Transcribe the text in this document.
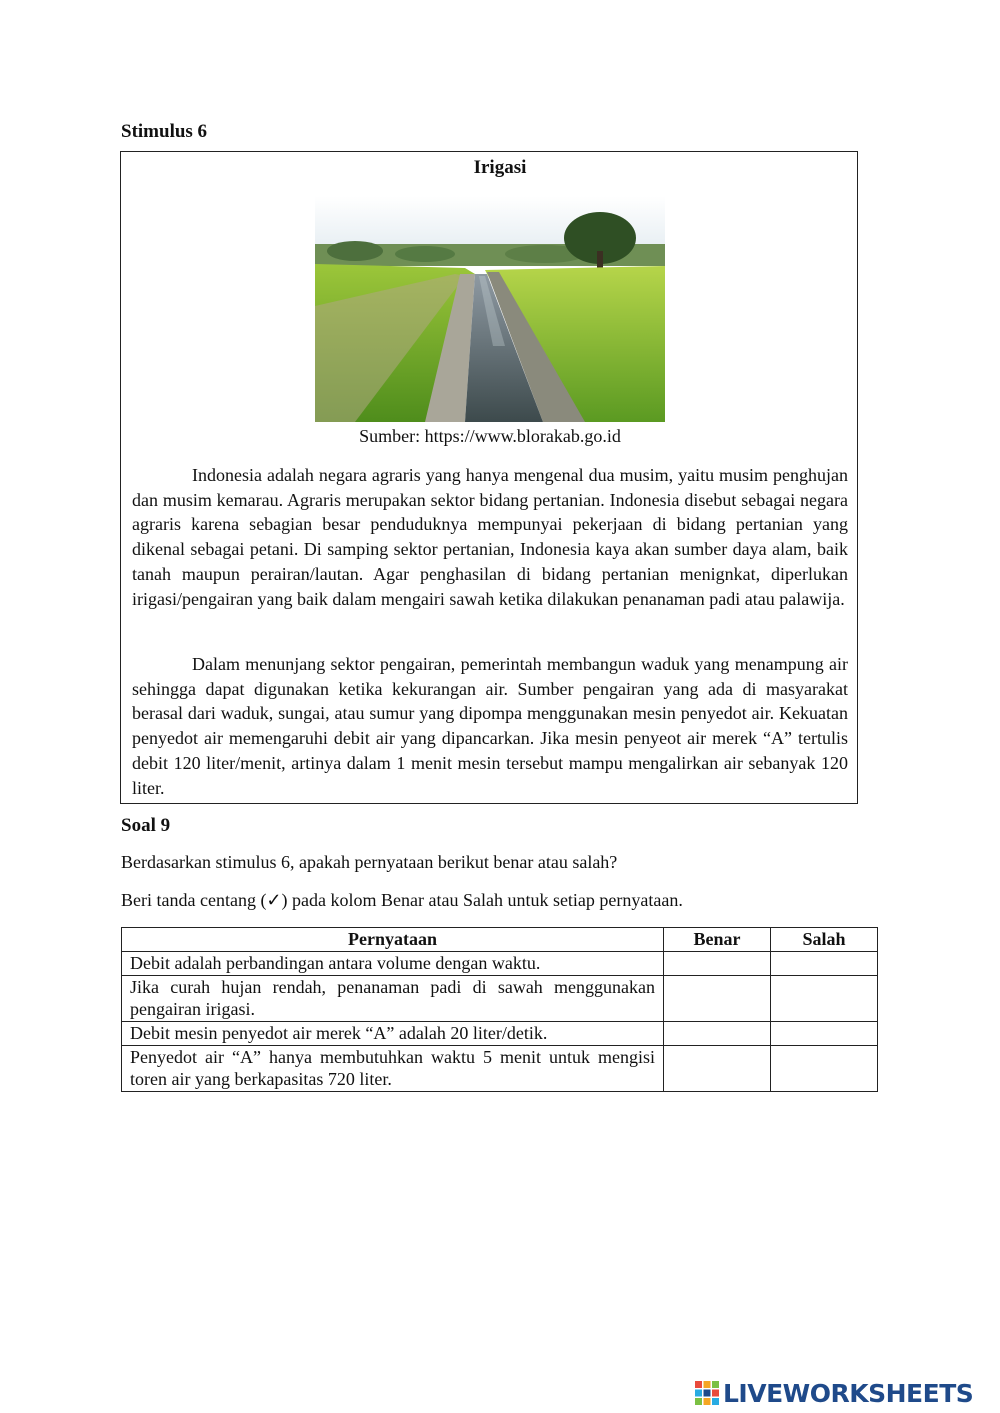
Stimulus 6
Irigasi
Sumber: https://www.blorakab.go.id
Indonesia adalah negara agraris yang hanya mengenal dua musim, yaitu musim penghujan dan musim kemarau. Agraris merupakan sektor bidang pertanian. Indonesia disebut sebagai negara agraris karena sebagian besar penduduknya mempunyai pekerjaan di bidang pertanian yang dikenal sebagai petani. Di samping sektor pertanian, Indonesia kaya akan sumber daya alam, baik tanah maupun perairan/lautan. Agar penghasilan di bidang pertanian menignkat, diperlukan irigasi/pengairan yang baik dalam mengairi sawah ketika dilakukan penanaman padi atau palawija.
Dalam menunjang sektor pengairan, pemerintah membangun waduk yang menampung air sehingga dapat digunakan ketika kekurangan air. Sumber pengairan yang ada di masyarakat berasal dari waduk, sungai, atau sumur yang dipompa menggunakan mesin penyedot air. Kekuatan penyedot air memengaruhi debit air yang dipancarkan. Jika mesin penyeot air merek “A” tertulis debit 120 liter/menit, artinya dalam 1 menit mesin tersebut mampu mengalirkan air sebanyak 120 liter.
Soal 9
Berdasarkan stimulus 6, apakah pernyataan berikut benar atau salah?
Beri tanda centang (✓) pada kolom Benar atau Salah untuk setiap pernyataan.
Pernyataan	Benar	Salah
Debit adalah perbandingan antara volume dengan waktu.		
Jika curah hujan rendah, penanaman padi di sawah menggunakan pengairan irigasi.		
Debit mesin penyedot air merek “A” adalah 20 liter/detik.		
Penyedot air “A” hanya membutuhkan waktu 5 menit untuk mengisi toren air yang berkapasitas 720 liter.		
LIVEWORKSHEETS
